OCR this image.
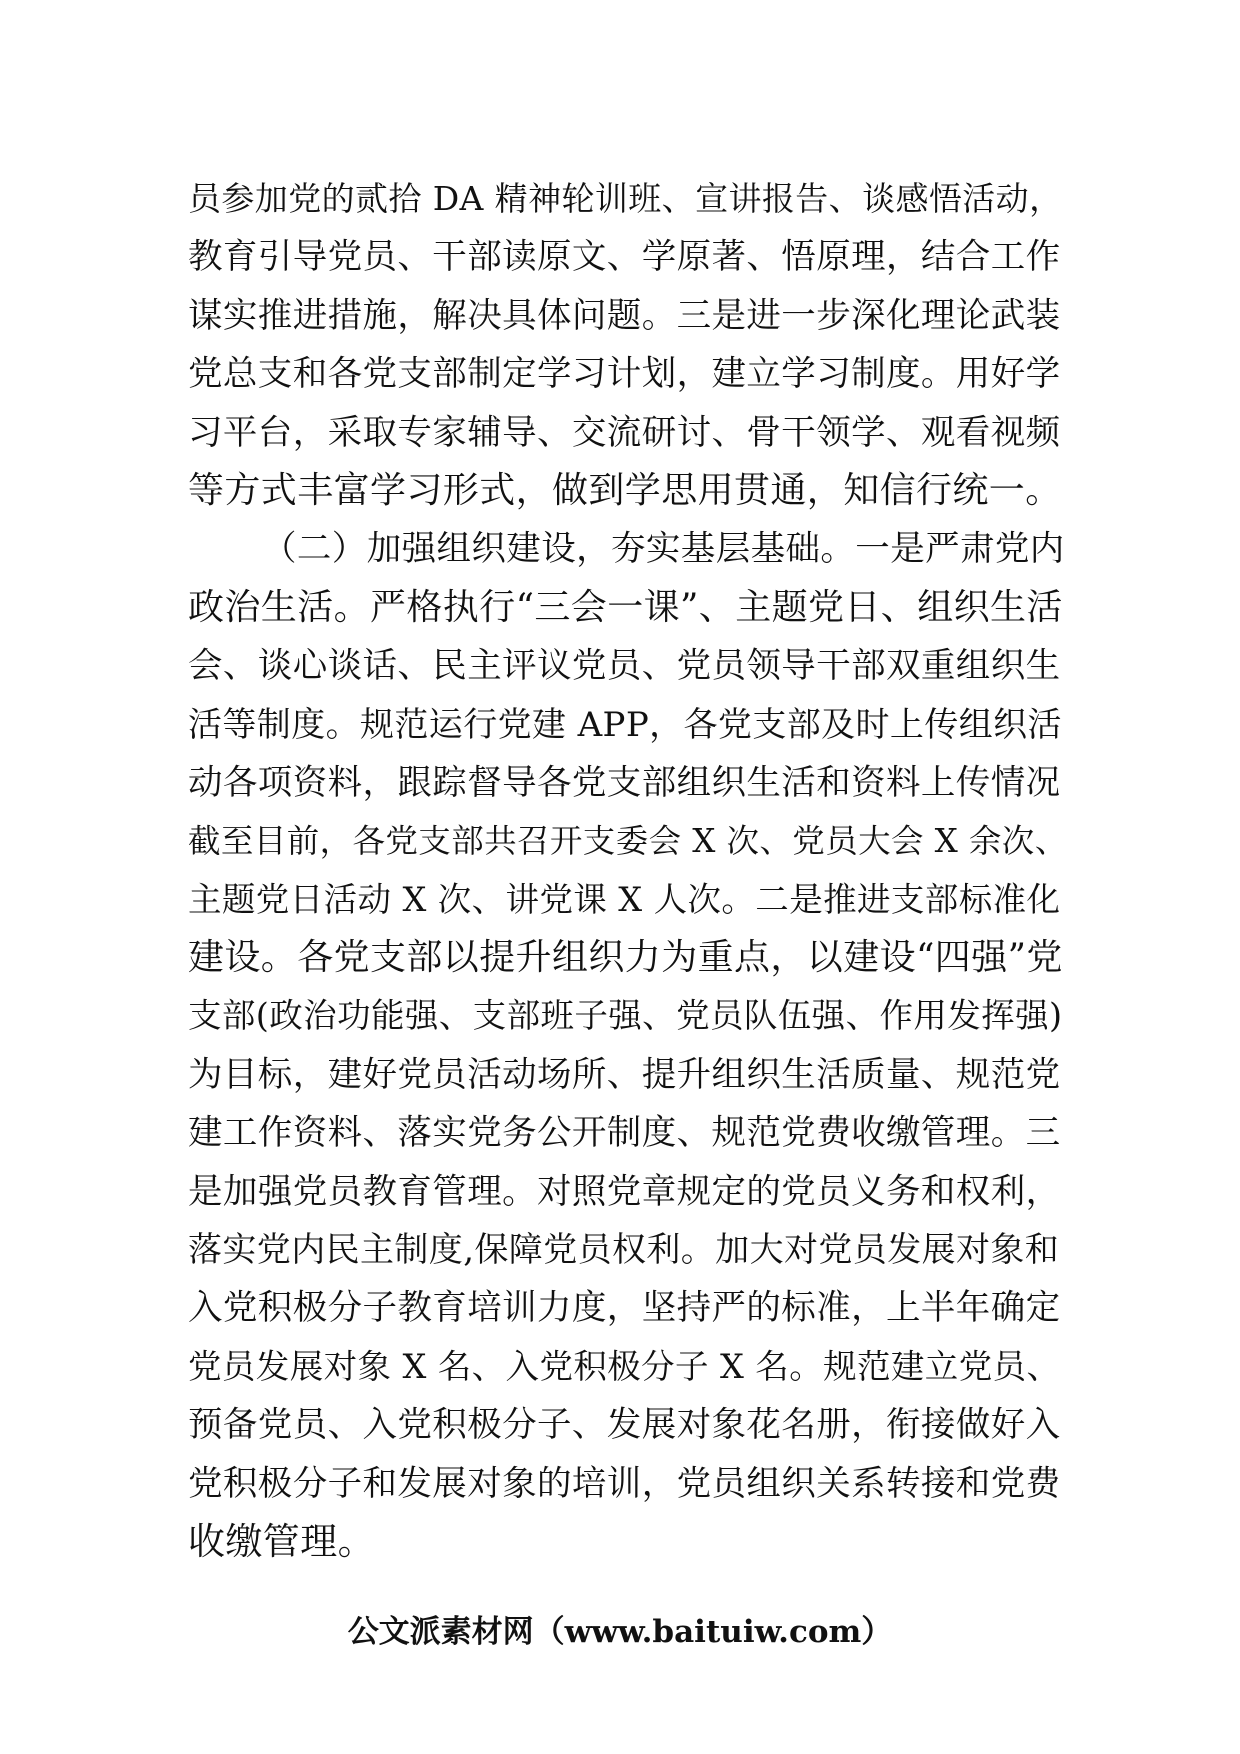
员参加党的贰拾 DA 精神轮训班、宣讲报告、谈感悟活动，
教育引导党员、干部读原文、学原著、悟原理，结合工作
谋实推进措施，解决具体问题。三是进一步深化理论武装
党总支和各党支部制定学习计划，建立学习制度。用好学
习平台，采取专家辅导、交流研讨、骨干领学、观看视频
等方式丰富学习形式，做到学思用贯通，知信行统一。
（二）加强组织建设，夯实基层基础。一是严肃党内
政治生活。严格执行“三会一课”、主题党日、组织生活
会、谈心谈话、民主评议党员、党员领导干部双重组织生
活等制度。规范运行党建 APP，各党支部及时上传组织活
动各项资料，跟踪督导各党支部组织生活和资料上传情况
截至目前，各党支部共召开支委会 X 次、党员大会 X 余次、
主题党日活动 X 次、讲党课 X 人次。二是推进支部标准化
建设。各党支部以提升组织力为重点，以建设“四强”党
支部(政治功能强、支部班子强、党员队伍强、作用发挥强)
为目标，建好党员活动场所、提升组织生活质量、规范党
建工作资料、落实党务公开制度、规范党费收缴管理。三
是加强党员教育管理。对照党章规定的党员义务和权利，
落实党内民主制度,保障党员权利。加大对党员发展对象和
入党积极分子教育培训力度，坚持严的标准，上半年确定
党员发展对象 X 名、入党积极分子 X 名。规范建立党员、
预备党员、入党积极分子、发展对象花名册，衔接做好入
党积极分子和发展对象的培训，党员组织关系转接和党费
收缴管理。
公文派素材网（www.baituiw.com）
